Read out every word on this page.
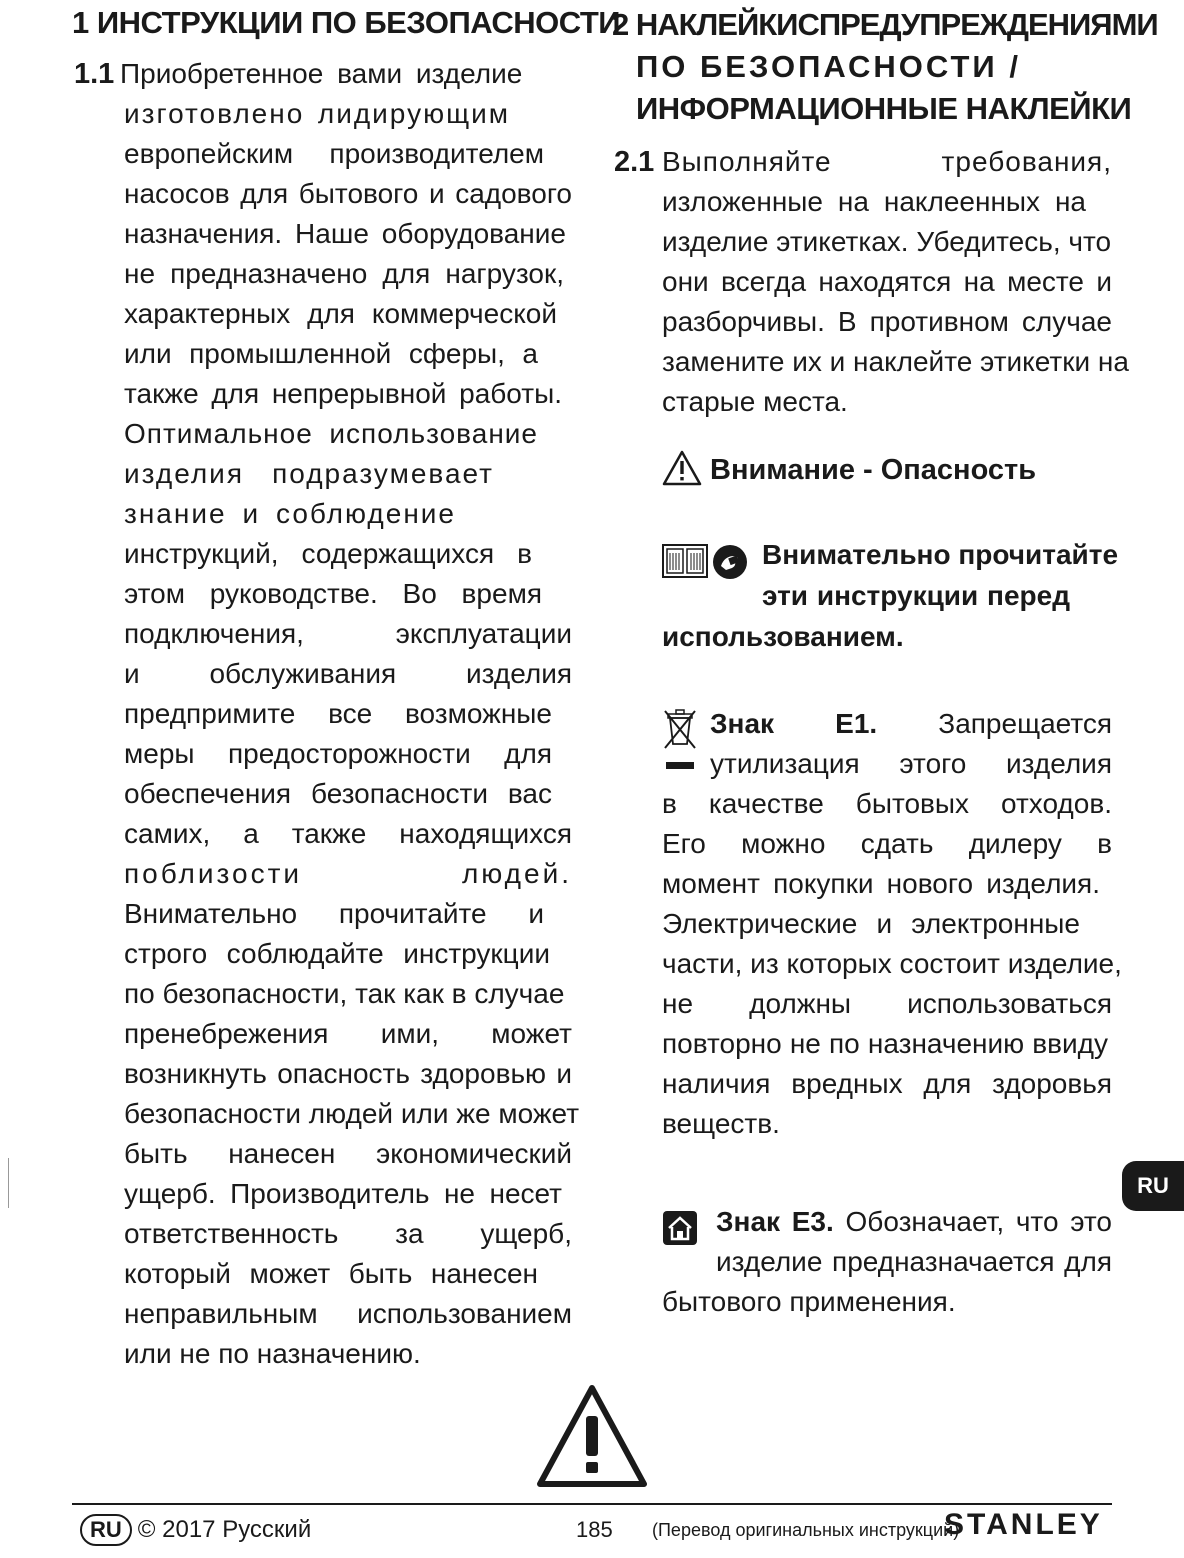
1 ИНСТРУКЦИИ ПО БЕЗОПАСНОСТИ
1.1 Приобретенное вами изделие
изготовлено лидирующим
европейским производителем
насосов для бытового и садового
назначения. Наше оборудование
не предназначено для нагрузок,
характерных для коммерческой
или промышленной сферы, а
также для непрерывной работы.
Оптимальное использование
изделия подразумевает
знание и соблюдение
инструкций, содержащихся в
этом руководстве. Во время
подключения, эксплуатации
и обслуживания изделия
предпримите все возможные
меры предосторожности для
обеспечения безопасности вас
самих, а также находящихся
поблизости людей.
Внимательно прочитайте и
строго соблюдайте инструкции
по безопасности, так как в случае
пренебрежения ими, может
возникнуть опасность здоровью и
безопасности людей или же может
быть нанесен экономический
ущерб. Производитель не несет
ответственность за ущерб,
который может быть нанесен
неправильным использованием
или не по назначению.
2 НАКЛЕЙКИСПРЕДУПРЕЖДЕНИЯМИ
ПО БЕЗОПАСНОСТИ /
ИНФОРМАЦИОННЫЕ НАКЛЕЙКИ
2.1 Выполняйте требования,
изложенные на наклеенных на
изделие этикетках. Убедитесь, что
они всегда находятся на месте и
разборчивы. В противном случае
замените их и наклейте этикетки на
старые места.
Внимание - Опасность
Внимательно прочитайте
эти инструкции перед
использованием.
Знак Е1. Запрещается
утилизация этого изделия
в качестве бытовых отходов.
Его можно сдать дилеру в
момент покупки нового изделия.
Электрические и электронные
части, из которых состоит изделие,
не должны использоваться
повторно не по назначению ввиду
наличия вредных для здоровья
веществ.
Знак Е3. Обозначает, что это
изделие предназначается для
бытового применения.
RU
RU © 2017 Русский	185 (Перевод оригинальных инструкций)
STANLEY
